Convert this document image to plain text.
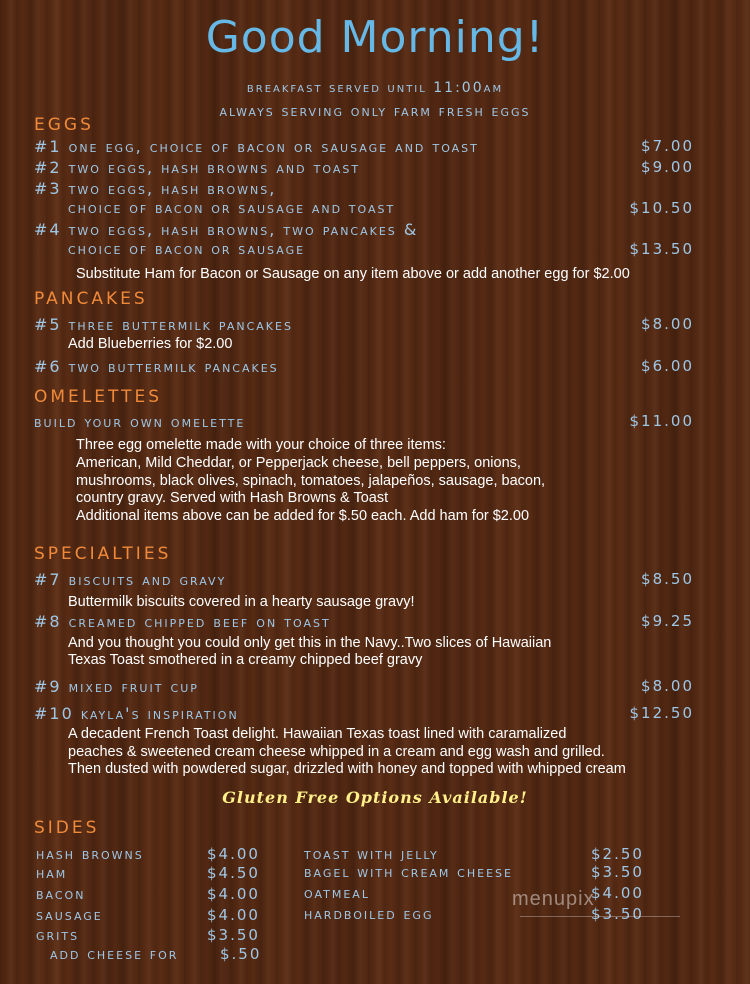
Good Morning!
breakfast served until 11:00am
always serving only farm fresh eggs
eggs
#1 one egg, choice of bacon or sausage and toast	$7.00
#2 two eggs, hash browns and toast	$9.00
#3 two eggs, hash browns,
choice of bacon or sausage and toast	$10.50
#4 two eggs, hash browns, two pancakes &
choice of bacon or sausage	$13.50
Substitute Ham for Bacon or Sausage on any item above or add another egg for $2.00
pancakes
#5 three buttermilk pancakes	$8.00
Add Blueberries for $2.00
#6 two buttermilk pancakes	$6.00
omelettes
build your own omelette	$11.00
Three egg omelette made with your choice of three items:
American, Mild Cheddar, or Pepperjack cheese, bell peppers, onions,
mushrooms, black olives, spinach, tomatoes, jalapeños, sausage, bacon,
country gravy. Served with Hash Browns & Toast
Additional items above can be added for $.50 each. Add ham for $2.00
specialties
#7 biscuits and gravy	$8.50
Buttermilk biscuits covered in a hearty sausage gravy!
#8 creamed chipped beef on toast	$9.25
And you thought you could only get this in the Navy..Two slices of Hawaiian
Texas Toast smothered in a creamy chipped beef gravy
#9 mixed fruit cup	$8.00
#10 kayla's inspiration	$12.50
A decadent French Toast delight. Hawaiian Texas toast lined with caramalized
peaches & sweetened cream cheese whipped in a cream and egg wash and grilled.
Then dusted with powdered sugar, drizzled with honey and topped with whipped cream
Gluten Free Options Available!
sides
hash browns	$4.00
ham	$4.50
bacon	$4.00
sausage	$4.00
grits	$3.50
add cheese for	$.50
toast with jelly	$2.50
bagel with cream cheese	$3.50
oatmeal	$4.00
hardboiled egg	$3.50
menupix
